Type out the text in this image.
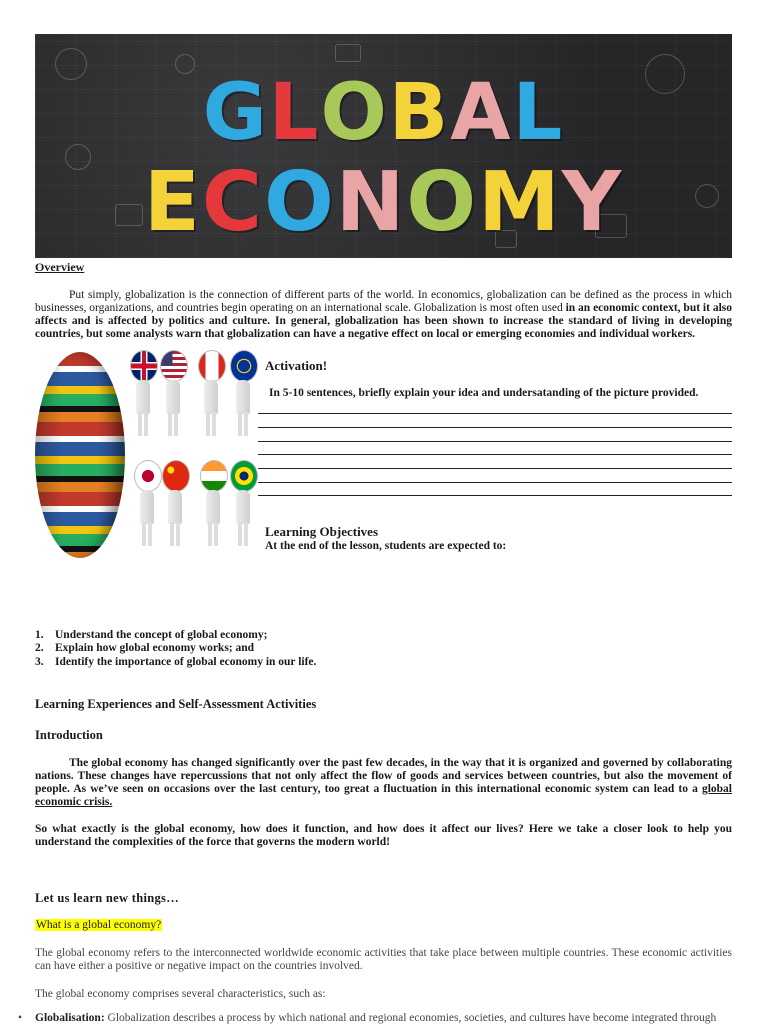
G L O B A L
E C O N O M Y
Overview
Put simply, globalization is the connection of different parts of the world. In economics, globalization can be defined as the process in which businesses, organizations, and countries begin operating on an international scale. Globalization is most often used in an economic context, but it also affects and is affected by politics and culture. In general, globalization has been shown to increase the standard of living in developing countries, but some analysts warn that globalization can have a negative effect on local or emerging economies and individual workers.
Activation!
In 5-10 sentences, briefly explain your idea and undersatanding of the picture provided.
Learning Objectives
At the end of the lesson, students are expected to:
1. Understand the concept of global economy;
2. Explain how global economy works; and
3. Identify the importance of global economy in our life.
Learning Experiences and Self-Assessment Activities
Introduction
The global economy has changed significantly over the past few decades, in the way that it is organized and governed by collaborating nations. These changes have repercussions that not only affect the flow of goods and services between countries, but also the movement of people. As we’ve seen on occasions over the last century, too great a fluctuation in this international economic system can lead to a global economic crisis.
So what exactly is the global economy, how does it function, and how does it affect our lives? Here we take a closer look to help you understand the complexities of the force that governs the modern world!
Let us learn new things…
What is a global economy?
The global economy refers to the interconnected worldwide economic activities that take place between multiple countries. These economic activities can have either a positive or negative impact on the countries involved.
The global economy comprises several characteristics, such as:
• Globalisation: Globalization describes a process by which national and regional economies, societies, and cultures have become integrated through
